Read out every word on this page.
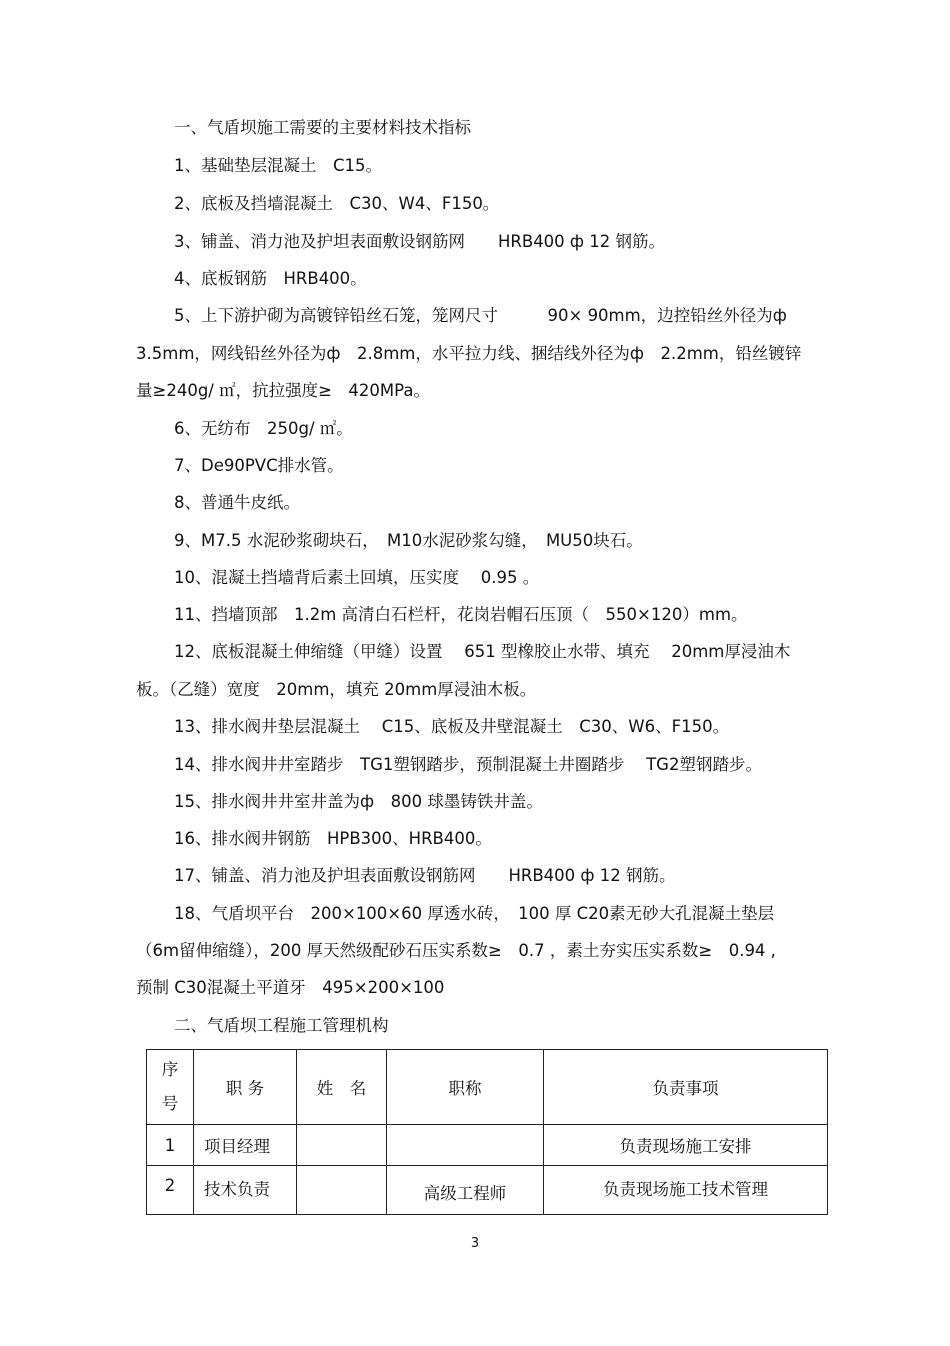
一、气盾坝施工需要的主要材料技术指标
1、基础垫层混凝土　C15。
2、底板及挡墙混凝土　C30、W4、F150。
3、铺盖、消力池及护坦表面敷设钢筋网　　HRB400 ф 12 钢筋。
4、底板钢筋　HRB400。
5、上下游护砌为高镀锌铅丝石笼，笼网尺寸　　　90× 90mm，边控铅丝外径为ф
3.5mm，网线铅丝外径为ф　2.8mm，水平拉力线、捆结线外径为ф　2.2mm，铅丝镀锌
量≥240g/ ㎡，抗拉强度≥　420MPa。
6、无纺布　250g/ ㎡。
7、De90PVC排水管。
8、普通牛皮纸。
9、M7.5 水泥砂浆砌块石，　M10水泥砂浆勾缝，　MU50块石。
10、混凝土挡墙背后素土回填，压实度　 0.95 。
11、挡墙顶部　1.2m 高清白石栏杆，花岗岩帽石压顶（　550×120）mm。
12、底板混凝土伸缩缝（甲缝）设置　 651 型橡胶止水带、填充　 20mm厚浸油木
板。（乙缝）宽度　20mm，填充 20mm厚浸油木板。
13、排水阀井垫层混凝土　 C15、底板及井壁混凝土　C30、W6、F150。
14、排水阀井井室踏步　TG1塑钢踏步，预制混凝土井圈踏步　 TG2塑钢踏步。
15、排水阀井井室井盖为ф　800 球墨铸铁井盖。
16、排水阀井钢筋　HPB300、HRB400。
17、铺盖、消力池及护坦表面敷设钢筋网　　HRB400 ф 12 钢筋。
18、气盾坝平台　200×100×60 厚透水砖，　100 厚 C20素无砂大孔混凝土垫层
（6m留伸缩缝），200 厚天然级配砂石压实系数≥　0.7 ，素土夯实压实系数≥　0.94 ,
预制 C30混凝土平道牙　495×200×100
二、气盾坝工程施工管理机构
序
号	职 务	姓　名	职称	负责事项
1	项目经理			负责现场施工安排
2	技术负责		高级工程师	负责现场施工技术管理
3
